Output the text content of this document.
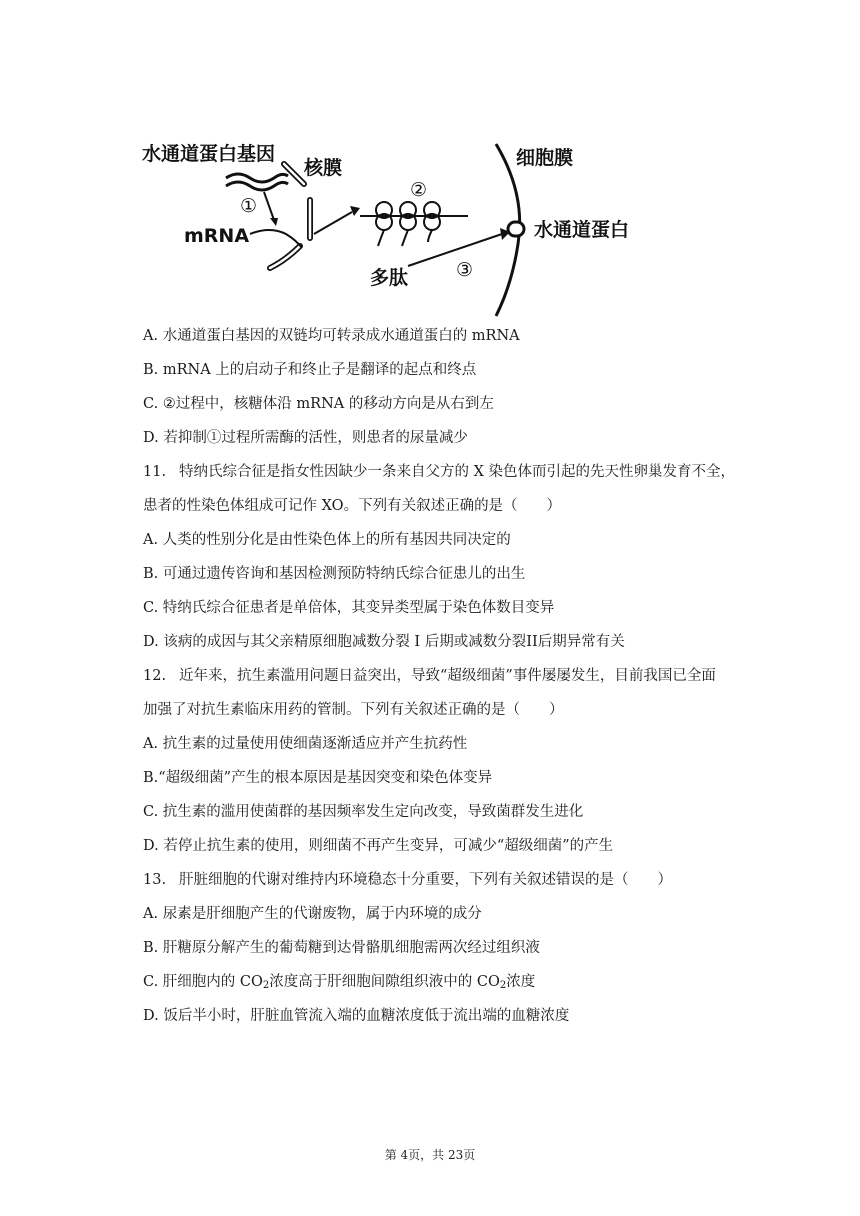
水通道蛋白基因
①
核膜
mRNA
②
多肽	③
细胞膜
水通道蛋白
A. 水通道蛋白基因的双链均可转录成水通道蛋白的 mRNA
B. mRNA 上的启动子和终止子是翻译的起点和终点
C. ②过程中，核糖体沿 mRNA 的移动方向是从右到左
D. 若抑制①过程所需酶的活性，则患者的尿量减少
11. 特纳氏综合征是指女性因缺少一条来自父方的 X 染色体而引起的先天性卵巢发育不全，
患者的性染色体组成可记作 XO。下列有关叙述正确的是（　　）
A. 人类的性别分化是由性染色体上的所有基因共同决定的
B. 可通过遗传咨询和基因检测预防特纳氏综合征患儿的出生
C. 特纳氏综合征患者是单倍体，其变异类型属于染色体数目变异
D. 该病的成因与其父亲精原细胞减数分裂 I 后期或减数分裂II后期异常有关
12. 近年来，抗生素滥用问题日益突出，导致“超级细菌”事件屡屡发生，目前我国已全面
加强了对抗生素临床用药的管制。下列有关叙述正确的是（　　）
A. 抗生素的过量使用使细菌逐渐适应并产生抗药性
B.“超级细菌”产生的根本原因是基因突变和染色体变异
C. 抗生素的滥用使菌群的基因频率发生定向改变，导致菌群发生进化
D. 若停止抗生素的使用，则细菌不再产生变异，可减少“超级细菌”的产生
13. 肝脏细胞的代谢对维持内环境稳态十分重要，下列有关叙述错误的是（　　）
A. 尿素是肝细胞产生的代谢废物，属于内环境的成分
B. 肝糖原分解产生的葡萄糖到达骨骼肌细胞需两次经过组织液
C. 肝细胞内的 $CO_2$浓度高于肝细胞间隙组织液中的 $CO_2$浓度
D. 饭后半小时，肝脏血管流入端的血糖浓度低于流出端的血糖浓度
第 4页，共 23页
